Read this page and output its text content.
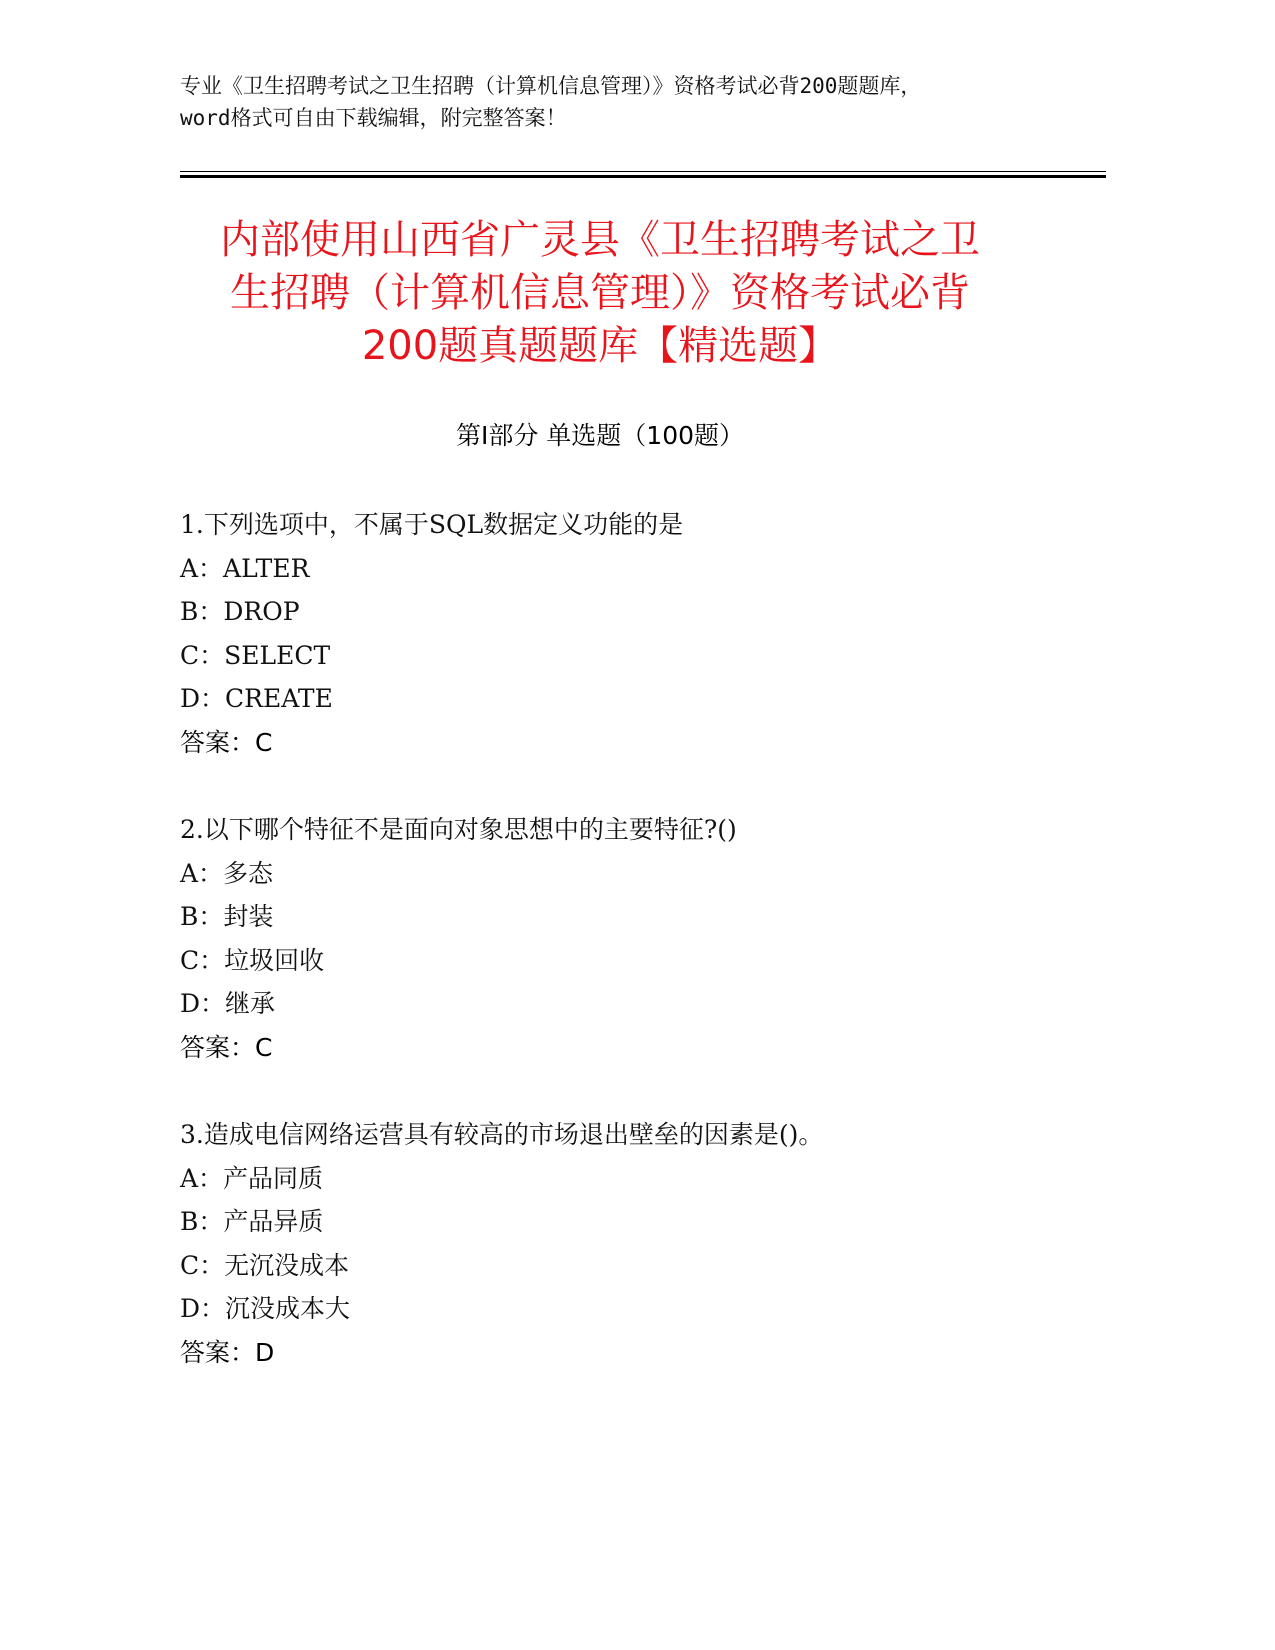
专业《卫生招聘考试之卫生招聘（计算机信息管理）》资格考试必背200题题库，
word格式可自由下载编辑，附完整答案！
内部使用山西省广灵县《卫生招聘考试之卫
生招聘（计算机信息管理）》资格考试必背
200题真题题库【精选题】
第Ⅰ部分 单选题（100题）
1.下列选项中，不属于SQL数据定义功能的是
A：ALTER
B：DROP
C：SELECT
D：CREATE
答案：C
2.以下哪个特征不是面向对象思想中的主要特征?()
A：多态
B：封装
C：垃圾回收
D：继承
答案：C
3.造成电信网络运营具有较高的市场退出壁垒的因素是()。
A：产品同质
B：产品异质
C：无沉没成本
D：沉没成本大
答案：D
